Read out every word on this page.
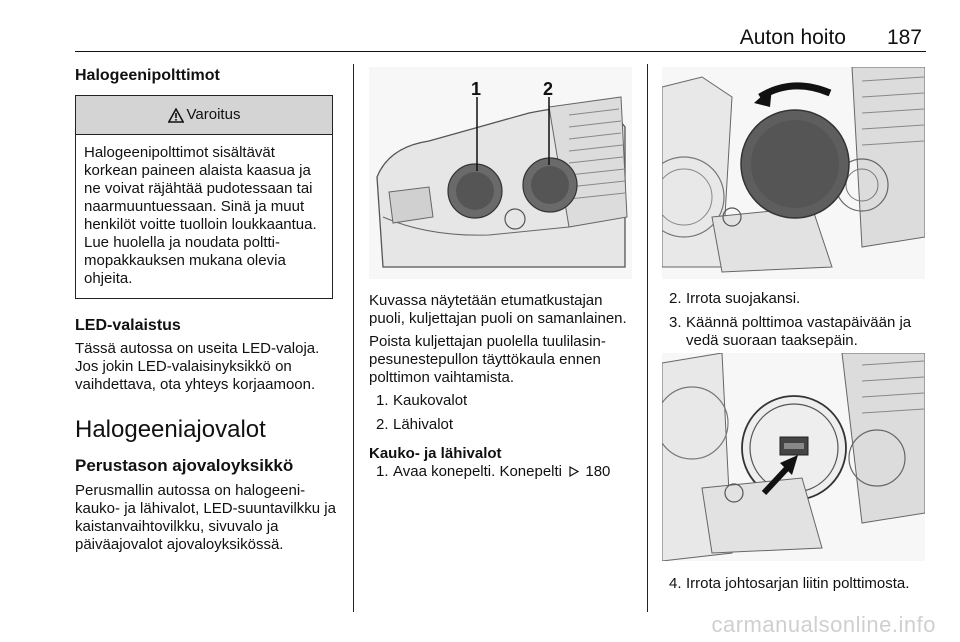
Auton hoito 187
Halogeenipolttimot
Varoitus
Halogeenipolttimot sisältävät korkean paineen alaista kaasua ja ne voivat räjähtää pudotessaan tai naarmuuntuessaan. Sinä ja muut henkilöt voitte tuolloin loukkaantua. Lue huolella ja noudata polttimopakkauksen mukana olevia ohjeita.
LED-valaistus

Tässä autossa on useita LED-valoja. Jos jokin LED-valaisinyksikkö on vaihdettava, ota yhteys korjaamoon.

Halogeeniajovalot
Perustason ajovaloyksikkö

Perusmallin autossa on halogeenikauko- ja lähivalot, LED-suuntavilkku ja kaistanvaihtovilkku, sivuvalo ja päiväajovalot ajovaloyksikössä.

1	2

Kuvassa näytetään etumatkustajan puoli, kuljettajan puoli on samanlainen.

Poista kuljettajan puolella tuulilasinpesunestepullon täyttökaula ennen polttimon vaihtamista.

1. Kaukovalot
2. Lähivalot
Kauko- ja lähivalot
1. Avaa konepelti. Konepelti 180
2. Irrota suojakansi.
3. Käännä polttimoa vastapäivään ja vedä suoraan taaksepäin.
4. Irrota johtosarjan liitin polttimosta.
carmanualsonline.info
